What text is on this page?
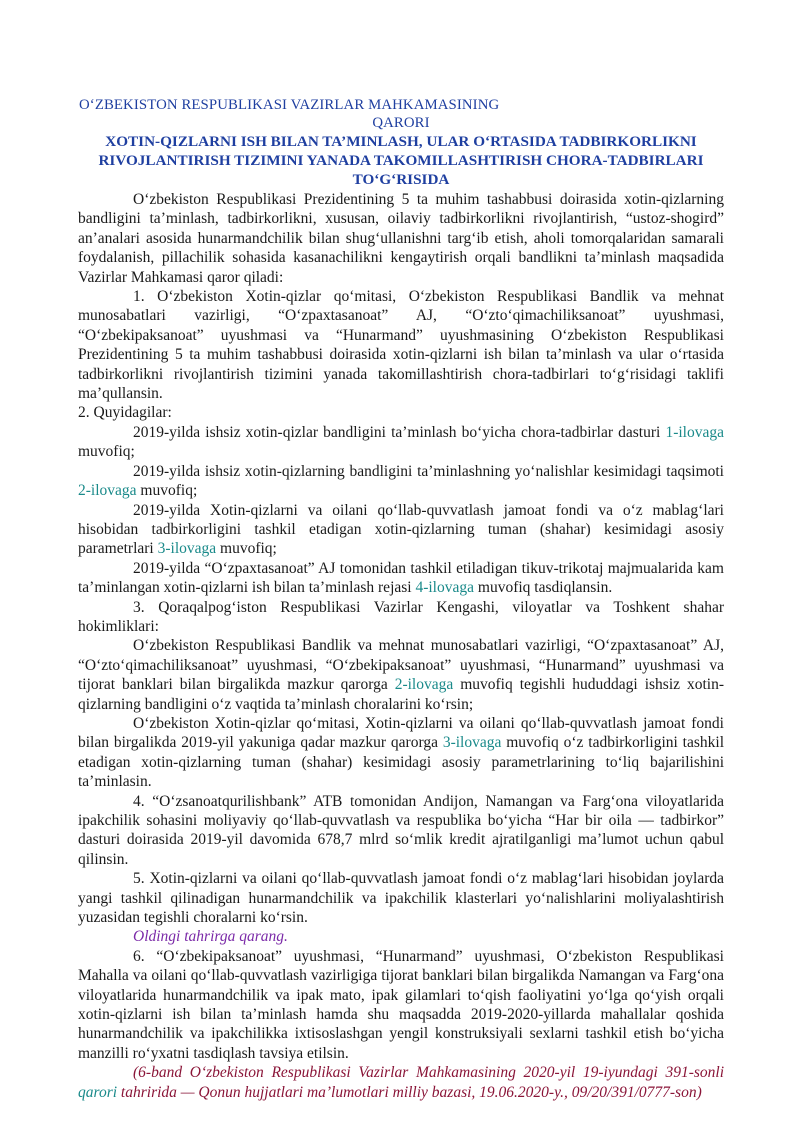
O‘ZBEKISTON RESPUBLIKASI VAZIRLAR MAHKAMASINING
QARORI
XOTIN-QIZLARNI ISH BILAN TA’MINLASH, ULAR O‘RTASIDA TADBIRKORLIKNI RIVOJLANTIRISH TIZIMINI YANADA TAKOMILLASHTIRISH CHORA-TADBIRLARI TO‘G‘RISIDA

O‘zbekiston Respublikasi Prezidentining 5 ta muhim tashabbusi doirasida xotin-qizlarning bandligini ta’minlash, tadbirkorlikni, xususan, oilaviy tadbirkorlikni rivojlantirish, “ustoz-shogird” an’analari asosida hunarmandchilik bilan shug‘ullanishni targ‘ib etish, aholi tomorqalaridan samarali foydalanish, pillachilik sohasida kasanachilikni kengaytirish orqali bandlikni ta’minlash maqsadida Vazirlar Mahkamasi qaror qiladi:

1. O‘zbekiston Xotin-qizlar qo‘mitasi, O‘zbekiston Respublikasi Bandlik va mehnat munosabatlari vazirligi, “O‘zpaxtasanoat” AJ, “O‘zto‘qimachiliksanoat” uyushmasi, “O‘zbekipaksanoat” uyushmasi va “Hunarmand” uyushmasining O‘zbekiston Respublikasi Prezidentining 5 ta muhim tashabbusi doirasida xotin-qizlarni ish bilan ta’minlash va ular o‘rtasida tadbirkorlikni rivojlantirish tizimini yanada takomillashtirish chora-tadbirlari to‘g‘risidagi taklifi ma’qullansin.

2. Quyidagilar:

2019-yilda ishsiz xotin-qizlar bandligini ta’minlash bo‘yicha chora-tadbirlar dasturi 1-ilovaga muvofiq;

2019-yilda ishsiz xotin-qizlarning bandligini ta’minlashning yo‘nalishlar kesimidagi taqsimoti 2-ilovaga muvofiq;

2019-yilda Xotin-qizlarni va oilani qo‘llab-quvvatlash jamoat fondi va o‘z mablag‘lari hisobidan tadbirkorligini tashkil etadigan xotin-qizlarning tuman (shahar) kesimidagi asosiy parametrlari 3-ilovaga muvofiq;

2019-yilda “O‘zpaxtasanoat” AJ tomonidan tashkil etiladigan tikuv-trikotaj majmualarida kam ta’minlangan xotin-qizlarni ish bilan ta’minlash rejasi 4-ilovaga muvofiq tasdiqlansin.

3. Qoraqalpog‘iston Respublikasi Vazirlar Kengashi, viloyatlar va Toshkent shahar hokimliklari:

O‘zbekiston Respublikasi Bandlik va mehnat munosabatlari vazirligi, “O‘zpaxtasanoat” AJ, “O‘zto‘qimachiliksanoat” uyushmasi, “O‘zbekipaksanoat” uyushmasi, “Hunarmand” uyushmasi va tijorat banklari bilan birgalikda mazkur qarorga 2-ilovaga muvofiq tegishli hududdagi ishsiz xotin-qizlarning bandligini o‘z vaqtida ta’minlash choralarini ko‘rsin;

O‘zbekiston Xotin-qizlar qo‘mitasi, Xotin-qizlarni va oilani qo‘llab-quvvatlash jamoat fondi bilan birgalikda 2019-yil yakuniga qadar mazkur qarorga 3-ilovaga muvofiq o‘z tadbirkorligini tashkil etadigan xotin-qizlarning tuman (shahar) kesimidagi asosiy parametrlarining to‘liq bajarilishini ta’minlasin.

4. “O‘zsanoatqurilishbank” ATB tomonidan Andijon, Namangan va Farg‘ona viloyatlarida ipakchilik sohasini moliyaviy qo‘llab-quvvatlash va respublika bo‘yicha “Har bir oila — tadbirkor” dasturi doirasida 2019-yil davomida 678,7 mlrd so‘mlik kredit ajratilganligi ma’lumot uchun qabul qilinsin.

5. Xotin-qizlarni va oilani qo‘llab-quvvatlash jamoat fondi o‘z mablag‘lari hisobidan joylarda yangi tashkil qilinadigan hunarmandchilik va ipakchilik klasterlari yo‘nalishlarini moliyalashtirish yuzasidan tegishli choralarni ko‘rsin.

Oldingi tahrirga qarang.

6. “O‘zbekipaksanoat” uyushmasi, “Hunarmand” uyushmasi, O‘zbekiston Respublikasi Mahalla va oilani qo‘llab-quvvatlash vazirligiga tijorat banklari bilan birgalikda Namangan va Farg‘ona viloyatlarida hunarmandchilik va ipak mato, ipak gilamlari to‘qish faoliyatini yo‘lga qo‘yish orqali xotin-qizlarni ish bilan ta’minlash hamda shu maqsadda 2019-2020-yillarda mahallalar qoshida hunarmandchilik va ipakchilikka ixtisoslashgan yengil konstruksiyali sexlarni tashkil etish bo‘yicha manzilli ro‘yxatni tasdiqlash tavsiya etilsin.

(6-band O‘zbekiston Respublikasi Vazirlar Mahkamasining 2020-yil 19-iyundagi 391-sonli qarori tahririda — Qonun hujjatlari ma’lumotlari milliy bazasi, 19.06.2020-y., 09/20/391/0777-son)
